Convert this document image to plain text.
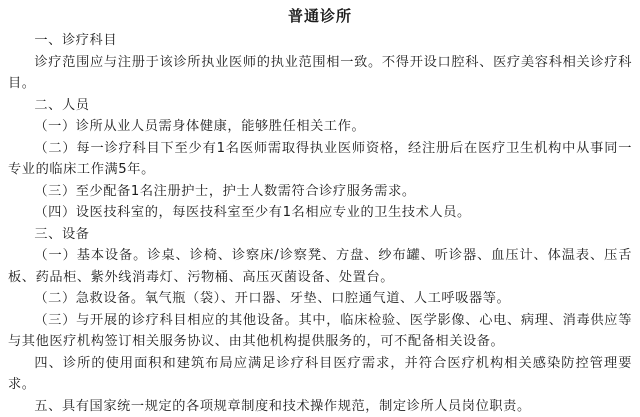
普通诊所

一、诊疗科目

诊疗范围应与注册于该诊所执业医师的执业范围相一致。不得开设口腔科、医疗美容科相关诊疗科目。

二、人员

（一）诊所从业人员需身体健康，能够胜任相关工作。

（二）每一诊疗科目下至少有1名医师需取得执业医师资格，经注册后在医疗卫生机构中从事同一专业的临床工作满5年。

（三）至少配备1名注册护士，护士人数需符合诊疗服务需求。

（四）设医技科室的，每医技科室至少有1名相应专业的卫生技术人员。

三、设备

（一）基本设备。诊桌、诊椅、诊察床/诊察凳、方盘、纱布罐、听诊器、血压计、体温表、压舌板、药品柜、紫外线消毒灯、污物桶、高压灭菌设备、处置台。

（二）急救设备。氧气瓶（袋）、开口器、牙垫、口腔通气道、人工呼吸器等。

（三）与开展的诊疗科目相应的其他设备。其中，临床检验、医学影像、心电、病理、消毒供应等与其他医疗机构签订相关服务协议、由其他机构提供服务的，可不配备相关设备。

四、诊所的使用面积和建筑布局应满足诊疗科目医疗需求，并符合医疗机构相关感染防控管理要求。

五、具有国家统一规定的各项规章制度和技术操作规范，制定诊所人员岗位职责。
